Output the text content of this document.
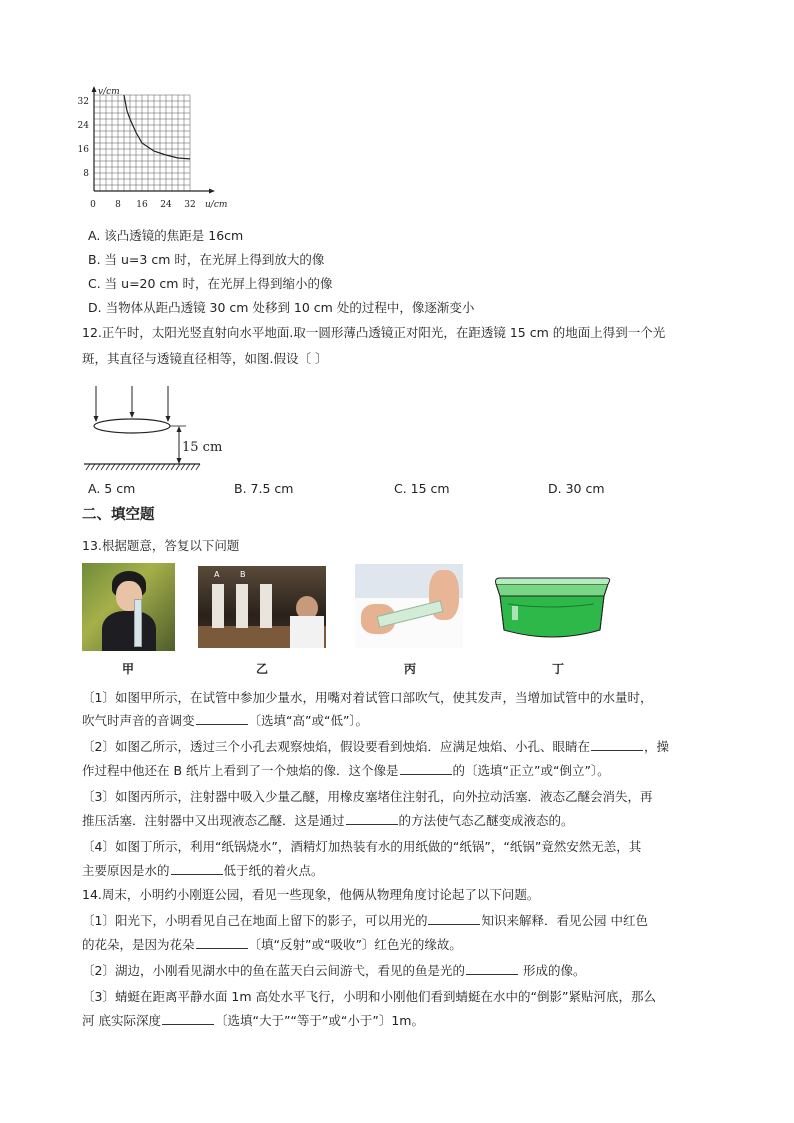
v/cm
u/cm
32
24
16
8
0 8 16 24 32
A. 该凸透镜的焦距是 16cm
B. 当 u=3 cm 时，在光屏上得到放大的像
C. 当 u=20 cm 时，在光屏上得到缩小的像
D. 当物体从距凸透镜 30 cm 处移到 10 cm 处的过程中，像逐渐变小
12.正午时，太阳光竖直射向水平地面.取一圆形薄凸透镜正对阳光，在距透镜 15 cm 的地面上得到一个光
斑，其直径与透镜直径相等，如图.假设〔 〕
15 cm
A. 5 cm	B. 7.5 cm	C. 15 cm	D. 30 cm
二、填空题
13.根据题意，答复以下问题
A	B
甲	乙	丙	丁
〔1〕如图甲所示，在试管中参加少量水，用嘴对着试管口部吹气，使其发声，当增加试管中的水量时，
吹气时声音的音调变	〔选填“高”或“低”〕。
〔2〕如图乙所示，透过三个小孔去观察烛焰，假设要看到烛焰．应满足烛焰、小孔、眼睛在	，操
作过程中他还在 B 纸片上看到了一个烛焰的像．这个像是	的〔选填“正立”或“倒立”〕。
〔3〕如图丙所示，注射器中吸入少量乙醚，用橡皮塞堵住注射孔，向外拉动活塞．液态乙醚会消失，再
推压活塞．注射器中又出现液态乙醚．这是通过	的方法使气态乙醚变成液态的。
〔4〕如图丁所示，利用“纸锅烧水”，酒精灯加热装有水的用纸做的“纸锅”，“纸锅”竟然安然无恙，其
主要原因是水的	低于纸的着火点。
14.周末，小明约小刚逛公园，看见一些现象，他俩从物理角度讨论起了以下问题。
〔1〕阳光下，小明看见自己在地面上留下的影子，可以用光的	知识来解释．看见公园 中红色
的花朵，是因为花朵	〔填“反射”或“吸收”〕红色光的缘故。
〔2〕湖边，小刚看见湖水中的鱼在蓝天白云间游弋，看见的鱼是光的	形成的像。
〔3〕蜻蜓在距离平静水面 1m 高处水平飞行，小明和小刚他们看到蜻蜓在水中的“倒影”紧贴河底，那么
河 底实际深度	〔选填“大于”“等于”或“小于”〕1m。
